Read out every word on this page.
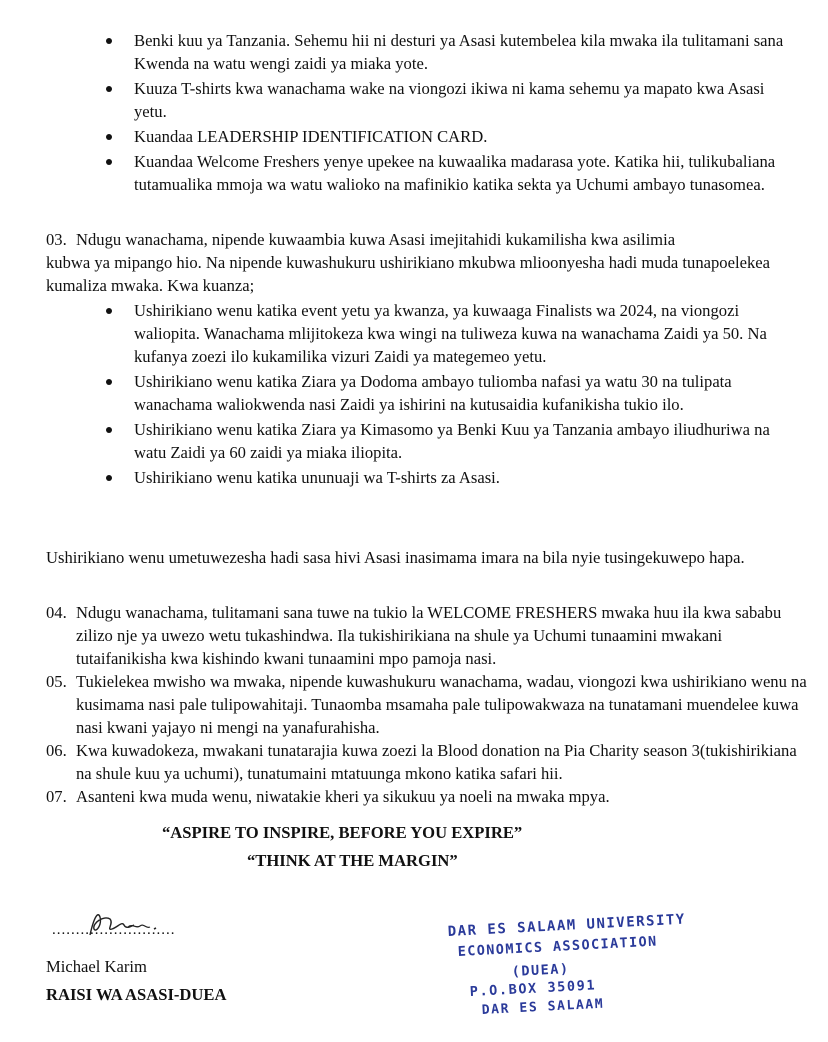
Benki kuu ya Tanzania. Sehemu hii ni desturi ya Asasi kutembelea kila mwaka ila tulitamani sana Kwenda na watu wengi zaidi ya miaka yote.
Kuuza T-shirts kwa wanachama wake na viongozi ikiwa ni kama sehemu ya mapato kwa Asasi yetu.
Kuandaa LEADERSHIP IDENTIFICATION CARD.
Kuandaa Welcome Freshers yenye upekee na kuwaalika madarasa yote. Katika hii, tulikubaliana tutamualika mmoja wa watu walioko na mafinikio katika sekta ya Uchumi ambayo tunasomea.
03. Ndugu wanachama, nipende kuwaambia kuwa Asasi imejitahidi kukamilisha kwa asilimia
kubwa ya mipango hio. Na nipende kuwashukuru ushirikiano mkubwa mlioonyesha hadi muda tunapoelekea kumaliza mwaka. Kwa kuanza;
Ushirikiano wenu katika event yetu ya kwanza, ya kuwaaga Finalists wa 2024, na viongozi waliopita. Wanachama mlijitokeza kwa wingi na tuliweza kuwa na wanachama Zaidi ya 50. Na kufanya zoezi ilo kukamilika vizuri Zaidi ya mategemeo yetu.
Ushirikiano wenu katika Ziara ya Dodoma ambayo tuliomba nafasi ya watu 30 na tulipata wanachama waliokwenda nasi Zaidi ya ishirini na kutusaidia kufanikisha tukio ilo.
Ushirikiano wenu katika Ziara ya Kimasomo ya Benki Kuu ya Tanzania ambayo iliudhuriwa na watu Zaidi ya 60 zaidi ya miaka iliopita.
Ushirikiano wenu katika ununuaji wa T-shirts za Asasi.
Ushirikiano wenu umetuwezesha hadi sasa hivi Asasi inasimama imara na bila nyie tusingekuwepo hapa.
04. Ndugu wanachama, tulitamani sana tuwe na tukio la WELCOME FRESHERS mwaka huu ila kwa sababu zilizo nje ya uwezo wetu tukashindwa. Ila tukishirikiana na shule ya Uchumi tunaamini mwakani tutaifanikisha kwa kishindo kwani tunaamini mpo pamoja nasi.
05. Tukielekea mwisho wa mwaka, nipende kuwashukuru wanachama, wadau, viongozi kwa ushirikiano wenu na kusimama nasi pale tulipowahitaji. Tunaomba msamaha pale tulipowakwaza na tunatamani muendelee kuwa nasi kwani yajayo ni mengi na yanafurahisha.
06. Kwa kuwadokeza, mwakani tunatarajia kuwa zoezi la Blood donation na Pia Charity season 3(tukishirikiana na shule kuu ya uchumi), tunatumaini mtatuunga mkono katika safari hii.
07. Asanteni kwa muda wenu, niwatakie kheri ya sikukuu ya noeli na mwaka mpya.
“ASPIRE TO INSPIRE, BEFORE YOU EXPIRE”
“THINK AT THE MARGIN”
..........................
Michael Karim
RAISI WA ASASI-DUEA
DAR ES SALAAM UNIVERSITY
ECONOMICS ASSOCIATION
(DUEA)
P.O.BOX 35091
DAR ES SALAAM
